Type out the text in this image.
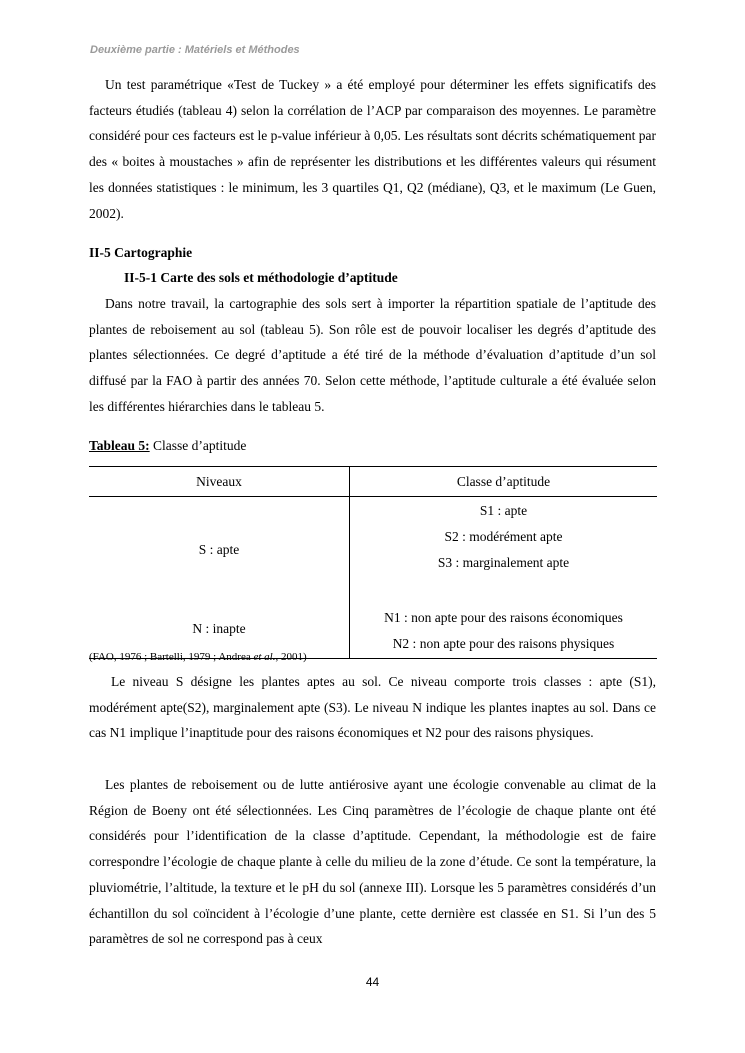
Deuxième partie : Matériels et Méthodes

Un test paramétrique «Test de Tuckey » a été employé pour déterminer les effets significatifs des facteurs étudiés (tableau 4) selon la corrélation de l’ACP par comparaison des moyennes. Le paramètre considéré pour ces facteurs est le p-value inférieur à 0,05. Les résultats sont décrits schématiquement par des « boites à moustaches » afin de représenter les distributions et les différentes valeurs qui résument les données statistiques : le minimum, les 3 quartiles Q1, Q2 (médiane), Q3, et le maximum (Le Guen, 2002).

II-5 Cartographie

II-5-1 Carte des sols et méthodologie d’aptitude

Dans notre travail, la cartographie des sols sert à importer la répartition spatiale de l’aptitude des plantes de reboisement au sol (tableau 5). Son rôle est de pouvoir localiser les degrés d’aptitude des plantes sélectionnées. Ce degré d’aptitude a été tiré de la méthode d’évaluation d’aptitude d’un sol diffusé par la FAO à partir des années 70. Selon cette méthode, l’aptitude culturale a été évaluée selon les différentes hiérarchies dans le tableau 5.

Tableau 5: Classe d’aptitude
Niveaux	Classe d’aptitude
S : apte	S1 : apte
S2 : modérément apte
S3 : marginalement apte

N : inapte	N1 : non apte pour des raisons économiques
N2 : non apte pour des raisons physiques
(FAO, 1976 ; Bartelli, 1979 ; Andrea et al., 2001)

Le niveau S désigne les plantes aptes au sol. Ce niveau comporte trois classes : apte (S1), modérément apte(S2), marginalement apte (S3). Le niveau N indique les plantes inaptes au sol. Dans ce cas N1 implique l’inaptitude pour des raisons économiques et N2 pour des raisons physiques.

Les plantes de reboisement ou de lutte antiérosive ayant une écologie convenable au climat de la Région de Boeny ont été sélectionnées. Les Cinq paramètres de l’écologie de chaque plante ont été considérés pour l’identification de la classe d’aptitude. Cependant, la méthodologie est de faire correspondre l’écologie de chaque plante à celle du milieu de la zone d’étude. Ce sont la température, la pluviométrie, l’altitude, la texture et le pH du sol (annexe III). Lorsque les 5 paramètres considérés d’un échantillon du sol coïncident à l’écologie d’une plante, cette dernière est classée en S1. Si l’un des 5 paramètres de sol ne correspond pas à ceux

44
